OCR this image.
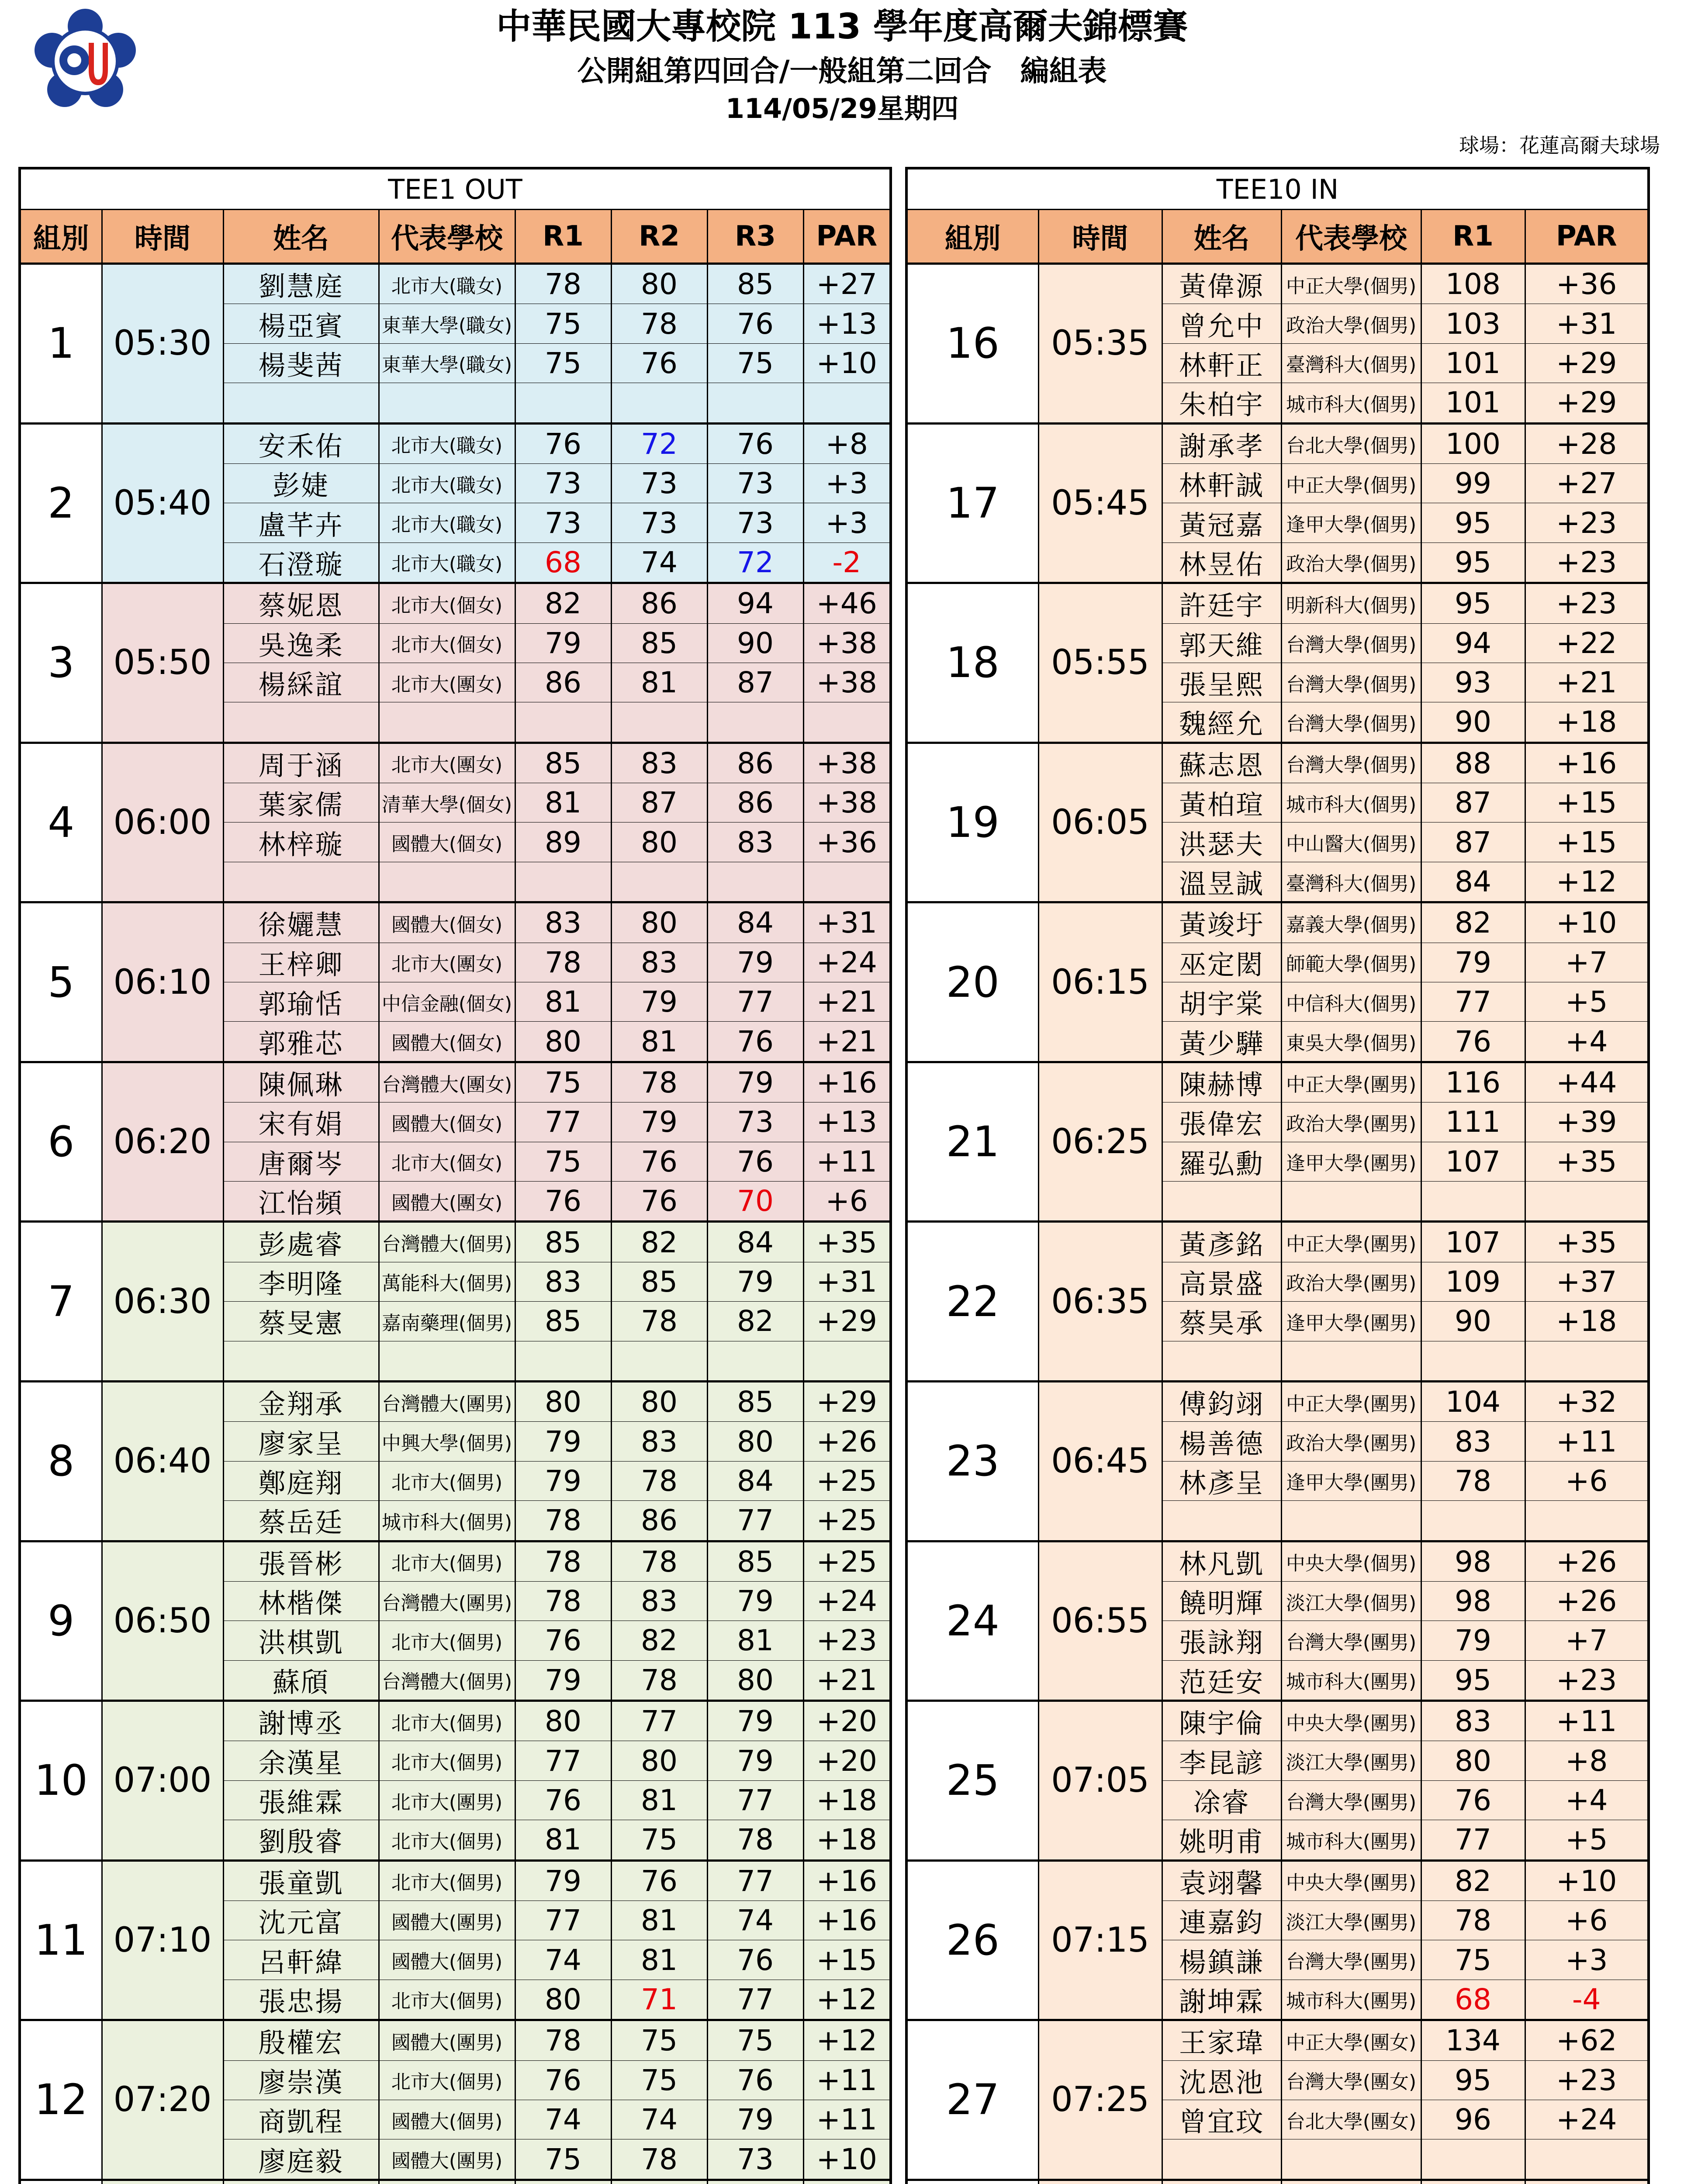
中華民國大專校院 113 學年度高爾夫錦標賽
公開組第四回合/一般組第二回合　編組表
114/05/29星期四
球場：花蓮高爾夫球場
TEE1 OUT							
組別	時間	姓名	代表學校	R1	R2	R3	PAR
1	05:30	劉慧庭	北市大(職女)	78	80	85	+27
		楊亞賓	東華大學(職女)	75	78	76	+13
		楊斐茜	東華大學(職女)	75	76	75	+10

2	05:40	安禾佑	北市大(職女)	76	72	76	+8
		彭婕	北市大(職女)	73	73	73	+3
		盧芊卉	北市大(職女)	73	73	73	+3
		石澄璇	北市大(職女)	68	74	72	-2
3	05:50	蔡妮恩	北市大(個女)	82	86	94	+46
		吳逸柔	北市大(個女)	79	85	90	+38
		楊綵誼	北市大(團女)	86	81	87	+38

4	06:00	周于涵	北市大(團女)	85	83	86	+38
		葉家儒	清華大學(個女)	81	87	86	+38
		林梓璇	國體大(個女)	89	80	83	+36

5	06:10	徐孋慧	國體大(個女)	83	80	84	+31
		王梓卿	北市大(團女)	78	83	79	+24
		郭瑜恬	中信金融(個女)	81	79	77	+21
		郭雅芯	國體大(個女)	80	81	76	+21
6	06:20	陳佩琳	台灣體大(團女)	75	78	79	+16
		宋有娟	國體大(個女)	77	79	73	+13
		唐爾岑	北市大(個女)	75	76	76	+11
		江怡頻	國體大(團女)	76	76	70	+6
7	06:30	彭處睿	台灣體大(個男)	85	82	84	+35
		李明隆	萬能科大(個男)	83	85	79	+31
		蔡旻憲	嘉南藥理(個男)	85	78	82	+29

8	06:40	金翔承	台灣體大(團男)	80	80	85	+29
		廖家呈	中興大學(個男)	79	83	80	+26
		鄭庭翔	北市大(個男)	79	78	84	+25
		蔡岳廷	城市科大(個男)	78	86	77	+25
9	06:50	張晉彬	北市大(個男)	78	78	85	+25
		林楷傑	台灣體大(團男)	78	83	79	+24
		洪棋凱	北市大(個男)	76	82	81	+23
		蘇頎	台灣體大(個男)	79	78	80	+21
10	07:00	謝博丞	北市大(個男)	80	77	79	+20
		余漢星	北市大(個男)	77	80	79	+20
		張維霖	北市大(團男)	76	81	77	+18
		劉殷睿	北市大(個男)	81	75	78	+18
11	07:10	張童凱	北市大(個男)	79	76	77	+16
		沈元富	國體大(團男)	77	81	74	+16
		呂軒緯	國體大(個男)	74	81	76	+15
		張忠揚	北市大(個男)	80	71	77	+12
12	07:20	殷權宏	國體大(團男)	78	75	75	+12
		廖崇漢	北市大(個男)	76	75	76	+11
		商凱程	國體大(個男)	74	74	79	+11
		廖庭毅	國體大(團男)	75	78	73	+10

TEE10 IN					
組別	時間	姓名	代表學校	R1	PAR
16	05:35	黃偉源	中正大學(個男)	108	+36
		曾允中	政治大學(個男)	103	+31
		林軒正	臺灣科大(個男)	101	+29
		朱柏宇	城市科大(個男)	101	+29
17	05:45	謝承孝	台北大學(個男)	100	+28
		林軒誠	中正大學(個男)	99	+27
		黃冠嘉	逢甲大學(個男)	95	+23
		林昱佑	政治大學(個男)	95	+23
18	05:55	許廷宇	明新科大(個男)	95	+23
		郭天維	台灣大學(個男)	94	+22
		張呈熙	台灣大學(個男)	93	+21
		魏經允	台灣大學(個男)	90	+18
19	06:05	蘇志恩	台灣大學(個男)	88	+16
		黃柏瑄	城市科大(個男)	87	+15
		洪瑟夫	中山醫大(個男)	87	+15
		溫昱誠	臺灣科大(個男)	84	+12
20	06:15	黃竣圩	嘉義大學(個男)	82	+10
		巫定閎	師範大學(個男)	79	+7
		胡宇棠	中信科大(個男)	77	+5
		黃少驊	東吳大學(個男)	76	+4
21	06:25	陳赫博	中正大學(團男)	116	+44
		張偉宏	政治大學(團男)	111	+39
		羅弘勳	逢甲大學(團男)	107	+35

22	06:35	黃彥銘	中正大學(團男)	107	+35
		高景盛	政治大學(團男)	109	+37
		蔡昊承	逢甲大學(團男)	90	+18

23	06:45	傅鈞翊	中正大學(團男)	104	+32
		楊善德	政治大學(團男)	83	+11
		林彥呈	逢甲大學(團男)	78	+6

24	06:55	林凡凱	中央大學(個男)	98	+26
		饒明輝	淡江大學(個男)	98	+26
		張詠翔	台灣大學(團男)	79	+7
		范廷安	城市科大(團男)	95	+23
25	07:05	陳宇倫	中央大學(團男)	83	+11
		李昆諺	淡江大學(團男)	80	+8
		凃睿	台灣大學(團男)	76	+4
		姚明甫	城市科大(團男)	77	+5
26	07:15	袁翊馨	中央大學(團男)	82	+10
		連嘉鈞	淡江大學(團男)	78	+6
		楊鎮謙	台灣大學(團男)	75	+3
		謝坤霖	城市科大(團男)	68	-4
27	07:25	王家瑋	中正大學(團女)	134	+62
		沈恩池	台灣大學(團女)	95	+23
		曾宜玟	台北大學(團女)	96	+24
